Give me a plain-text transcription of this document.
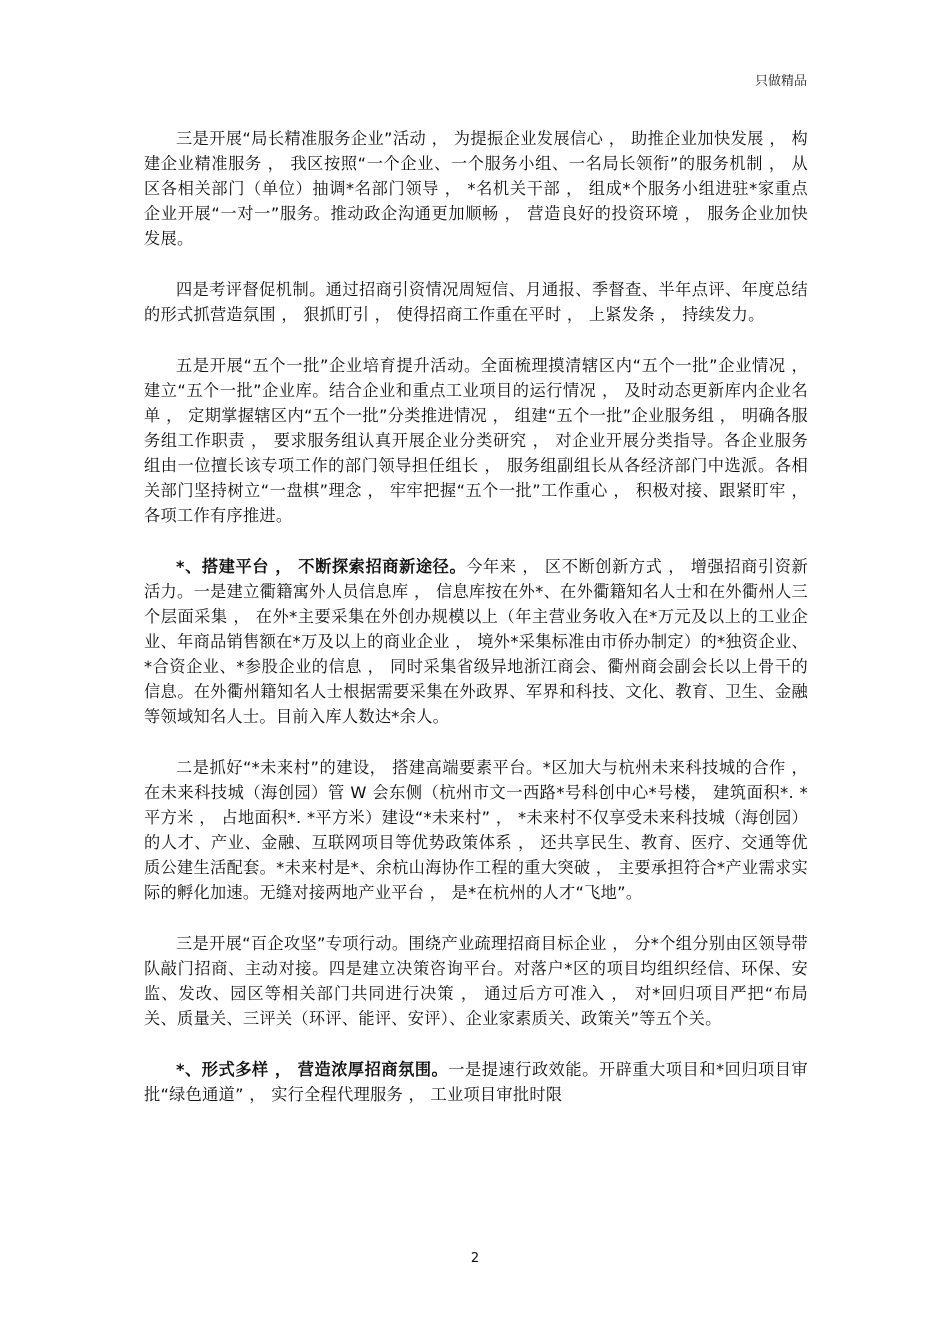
只做精品

三是开展“局长精准服务企业”活动 ， 为提振企业发展信心 ， 助推企业加快发展 ， 构建企业精准服务 ， 我区按照“一个企业、一个服务小组、一名局长领衔”的服务机制 ， 从区各相关部门（单位）抽调*名部门领导 ， *名机关干部 ， 组成*个服务小组进驻*家重点企业开展“一对一”服务。推动政企沟通更加顺畅 ， 营造良好的投资环境 ， 服务企业加快发展。

四是考评督促机制。通过招商引资情况周短信、月通报、季督查、半年点评、年度总结的形式抓营造氛围 ， 狠抓盯引 ， 使得招商工作重在平时 ， 上紧发条 ， 持续发力。

五是开展“五个一批”企业培育提升活动。全面梳理摸清辖区内“五个一批”企业情况 ， 建立“五个一批”企业库。结合企业和重点工业项目的运行情况 ， 及时动态更新库内企业名单 ， 定期掌握辖区内“五个一批”分类推进情况 ， 组建“五个一批”企业服务组 ， 明确各服务组工作职责 ， 要求服务组认真开展企业分类研究 ， 对企业开展分类指导。各企业服务组由一位擅长该专项工作的部门领导担任组长 ， 服务组副组长从各经济部门中选派。各相关部门坚持树立“一盘棋”理念 ， 牢牢把握“五个一批”工作重心 ， 积极对接、跟紧盯牢 ， 各项工作有序推进。

*、搭建平台 ， 不断探索招商新途径。今年来 ， 区不断创新方式 ， 增强招商引资新活力。一是建立衢籍寓外人员信息库 ， 信息库按在外*、在外衢籍知名人士和在外衢州人三个层面采集 ， 在外*主要采集在外创办规模以上（年主营业务收入在*万元及以上的工业企业、年商品销售额在*万及以上的商业企业 ， 境外*采集标准由市侨办制定）的*独资企业、*合资企业、*参股企业的信息 ， 同时采集省级异地浙江商会、衢州商会副会长以上骨干的信息。在外衢州籍知名人士根据需要采集在外政界、军界和科技、文化、教育、卫生、金融等领域知名人士。目前入库人数达*余人。

二是抓好“*未来村”的建设， 搭建高端要素平台。*区加大与杭州未来科技城的合作 ， 在未来科技城（海创园）管 W 会东侧（杭州市文一西路*号科创中心*号楼， 建筑面积*. *平方米 ， 占地面积*. *平方米）建设“*未来村” ， *未来村不仅享受未来科技城（海创园）的人才、产业、金融、互联网项目等优势政策体系 ， 还共享民生、教育、医疗、交通等优质公建生活配套。*未来村是*、余杭山海协作工程的重大突破 ， 主要承担符合*产业需求实际的孵化加速。无缝对接两地产业平台 ， 是*在杭州的人才“飞地”。

三是开展“百企攻坚”专项行动。围绕产业疏理招商目标企业 ， 分*个组分别由区领导带队敲门招商、主动对接。四是建立决策咨询平台。对落户*区的项目均组织经信、环保、安监、发改、园区等相关部门共同进行决策 ， 通过后方可准入 ， 对*回归项目严把“布局关、质量关、三评关（环评、能评、安评）、企业家素质关、政策关”等五个关。

*、形式多样 ， 营造浓厚招商氛围。一是提速行政效能。开辟重大项目和*回归项目审批“绿色通道” ， 实行全程代理服务 ， 工业项目审批时限

2
